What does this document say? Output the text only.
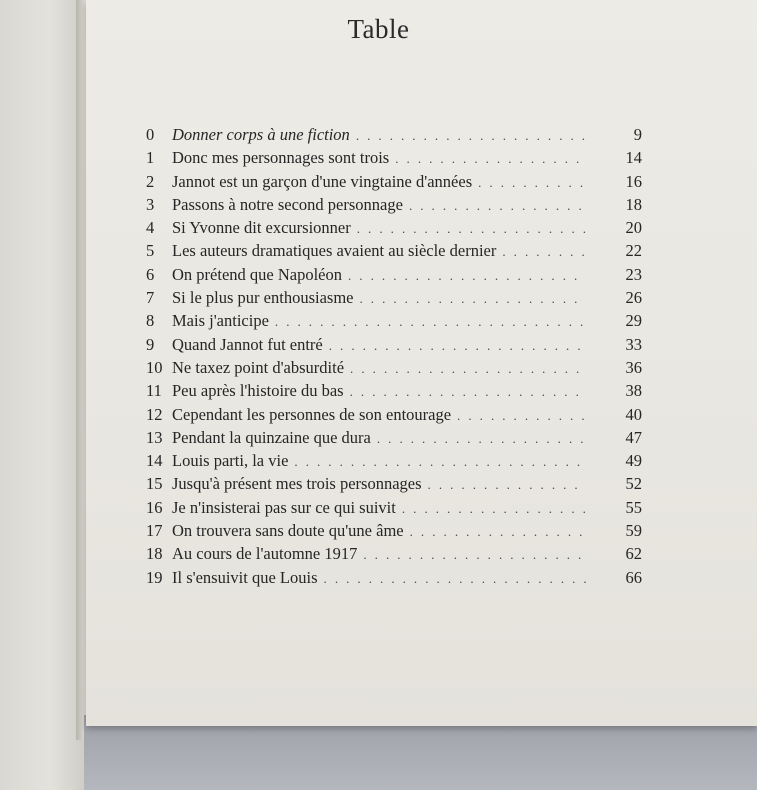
Table
0	Donner corps à une fiction . . .	9
1	Donc mes personnages sont trois . . .	14
2	Jannot est un garçon d'une vingtaine d'années . . .	16
3	Passons à notre second personnage . . .	18
4	Si Yvonne dit excursionner . . .	20
5	Les auteurs dramatiques avaient au siècle dernier . . .	22
6	On prétend que Napoléon . . .	23
7	Si le plus pur enthousiasme . . .	26
8	Mais j'anticipe . . .	29
9	Quand Jannot fut entré . . .	33
10 Ne taxez point d'absurdité . . .	36
11 Peu après l'histoire du bas . . .	38
12 Cependant les personnes de son entourage . . .	40
13 Pendant la quinzaine que dura . . .	47
14 Louis parti, la vie . . .	49
15 Jusqu'à présent mes trois personnages . . .	52
16 Je n'insisterai pas sur ce qui suivit . . .	55
17 On trouvera sans doute qu'une âme . . .	59
18 Au cours de l'automne 1917 . . .	62
19 Il s'ensuivit que Louis . . .	66
